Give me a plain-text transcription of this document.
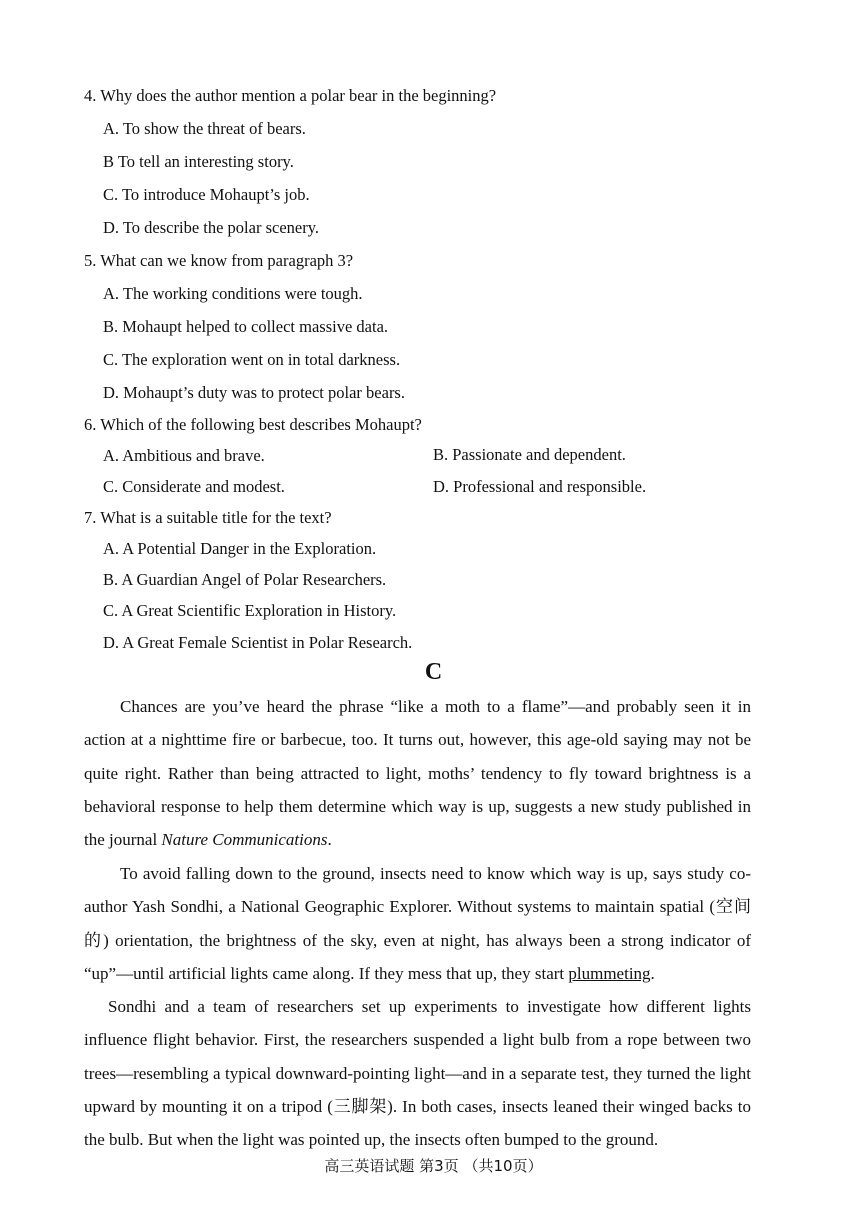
4. Why does the author mention a polar bear in the beginning?
A. To show the threat of bears.
B To tell an interesting story.
C. To introduce Mohaupt’s job.
D. To describe the polar scenery.
5. What can we know from paragraph 3?
A. The working conditions were tough.
B. Mohaupt helped to collect massive data.
C. The exploration went on in total darkness.
D. Mohaupt’s duty was to protect polar bears.
6. Which of the following best describes Mohaupt?
A. Ambitious and brave.	B. Passionate and dependent.
C. Considerate and modest.	D. Professional and responsible.
7. What is a suitable title for the text?
A. A Potential Danger in the Exploration.
B. A Guardian Angel of Polar Researchers.
C. A Great Scientific Exploration in History.
D. A Great Female Scientist in Polar Research.
C
Chances are you’ve heard the phrase “like a moth to a flame”—and probably seen it in action at a nighttime fire or barbecue, too. It turns out, however, this age-old saying may not be quite right. Rather than being attracted to light, moths’ tendency to fly toward brightness is a behavioral response to help them determine which way is up, suggests a new study published in the journal Nature Communications.
To avoid falling down to the ground, insects need to know which way is up, says study co-author Yash Sondhi, a National Geographic Explorer. Without systems to maintain spatial (空间的) orientation, the brightness of the sky, even at night, has always been a strong indicator of “up”—until artificial lights came along. If they mess that up, they start plummeting.
Sondhi and a team of researchers set up experiments to investigate how different lights influence flight behavior. First, the researchers suspended a light bulb from a rope between two trees—resembling a typical downward-pointing light—and in a separate test, they turned the light upward by mounting it on a tripod (三脚架). In both cases, insects leaned their winged backs to the bulb. But when the light was pointed up, the insects often bumped to the ground.
高三英语试题 第3页 （共10页）
